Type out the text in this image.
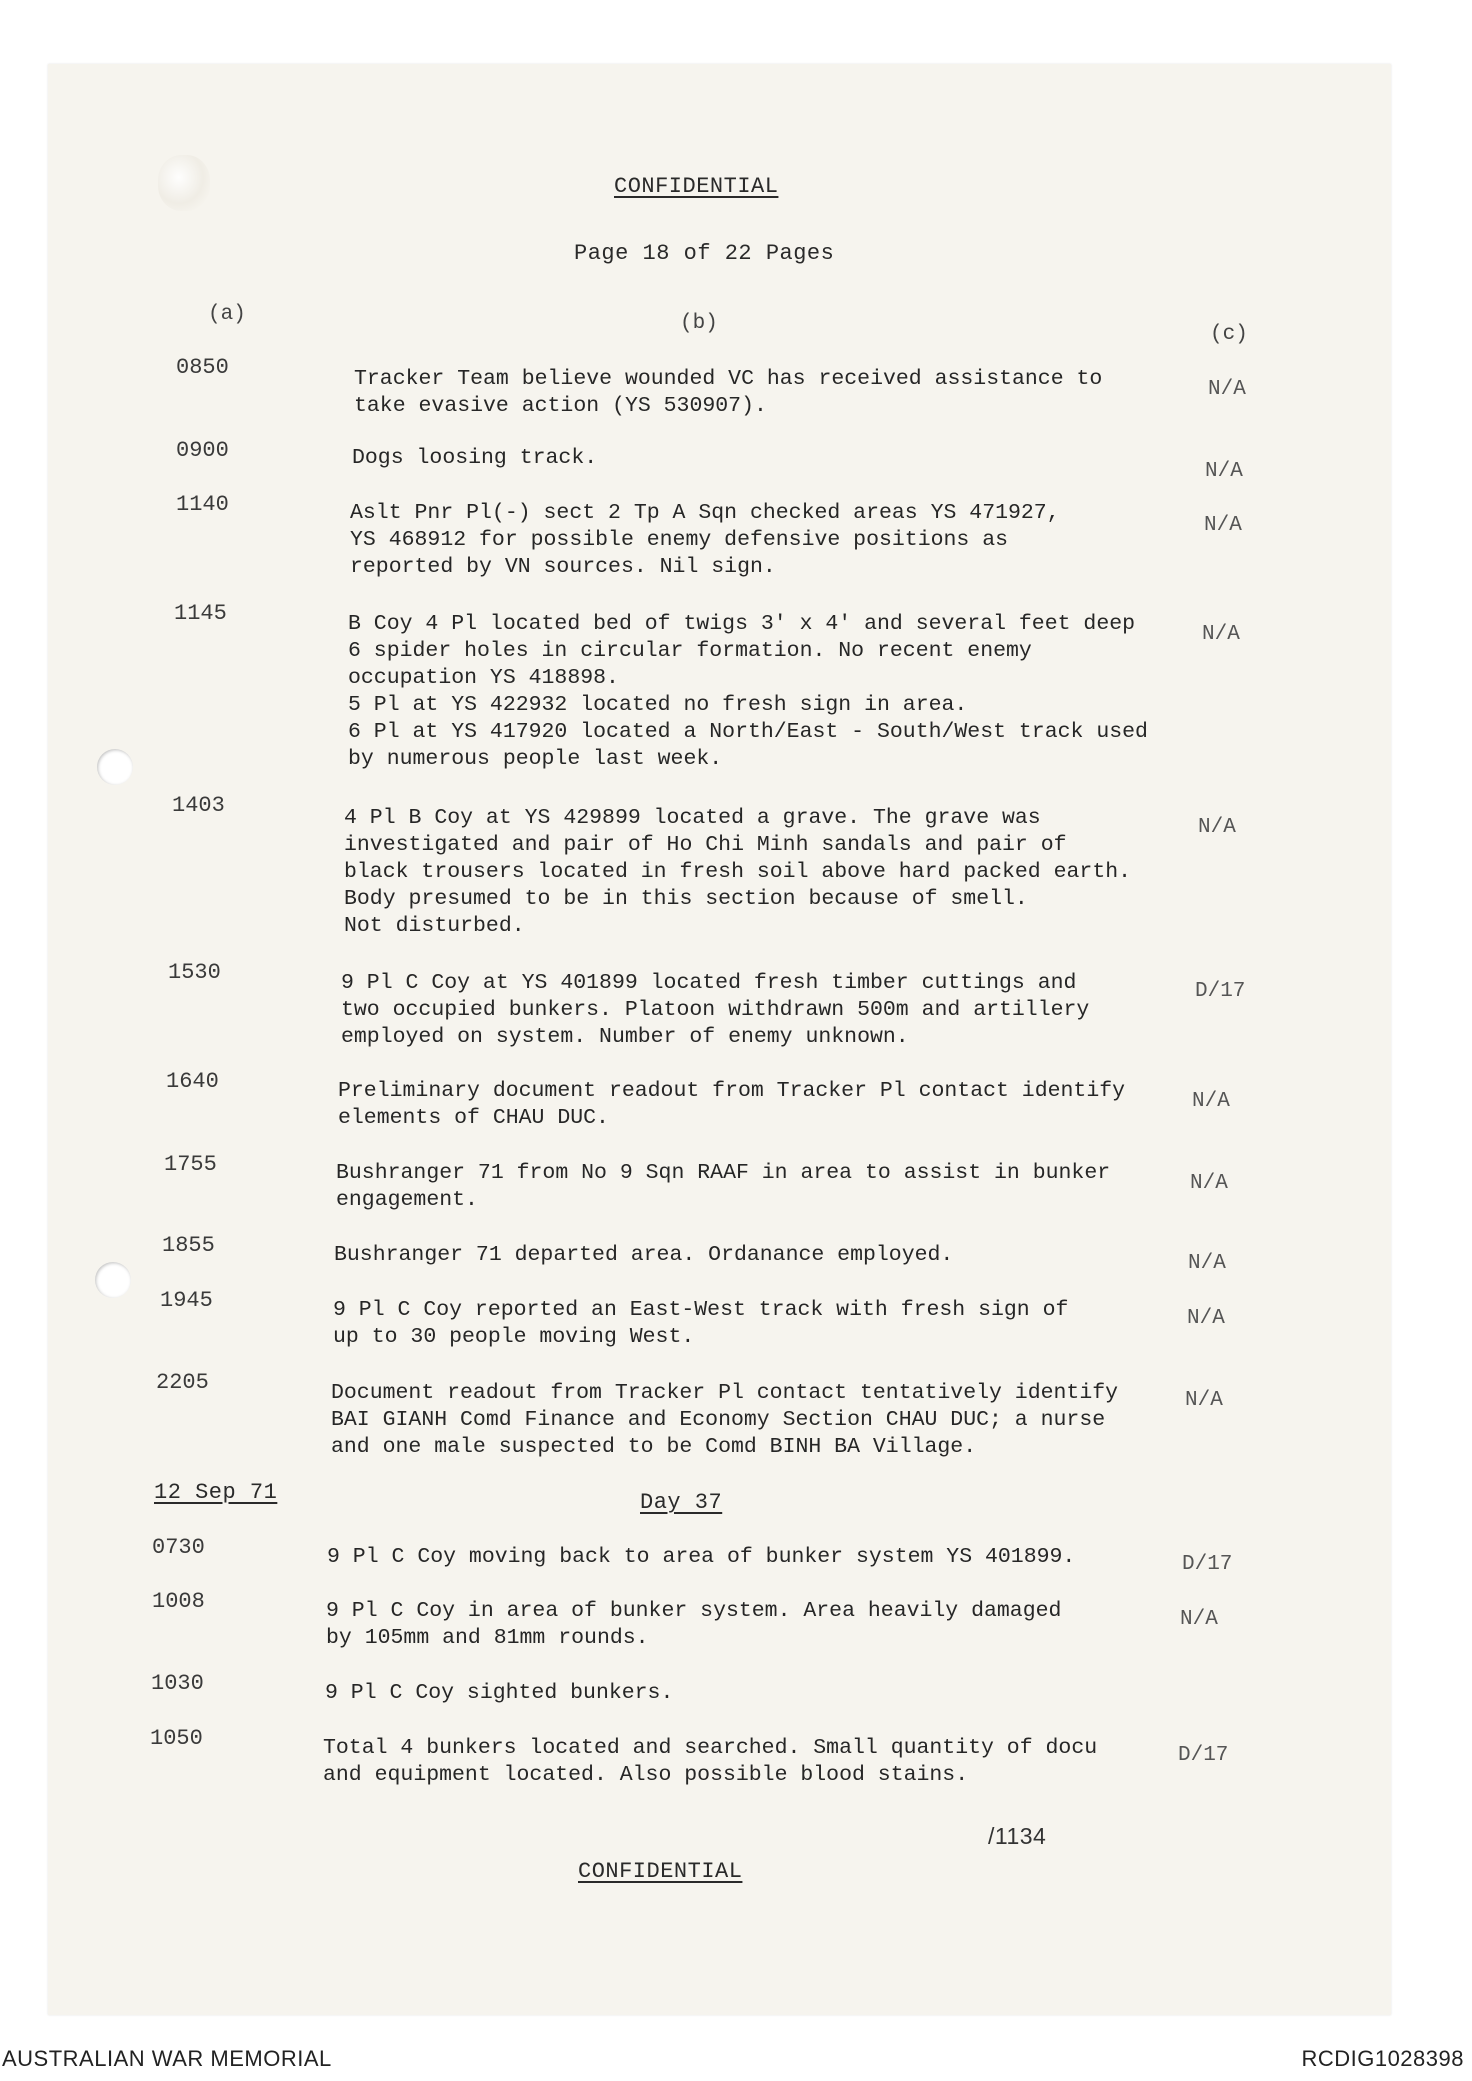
CONFIDENTIAL
Page 18 of 22 Pages
(a)	(b)	(c)
0850	Tracker Team believe wounded VC has received assistance to
take evasive action (YS 530907).
N/A
0900	Dogs loosing track.
N/A
1140	Aslt Pnr Pl(-) sect 2 Tp A Sqn checked areas YS 471927,
YS 468912 for possible enemy defensive positions as
reported by VN sources. Nil sign.
N/A
1145	B Coy 4 Pl located bed of twigs 3' x 4' and several feet deep
6 spider holes in circular formation. No recent enemy
occupation YS 418898.
5 Pl at YS 422932 located no fresh sign in area.
6 Pl at YS 417920 located a North/East - South/West track used
by numerous people last week.
N/A
1403	4 Pl B Coy at YS 429899 located a grave. The grave was
investigated and pair of Ho Chi Minh sandals and pair of
black trousers located in fresh soil above hard packed earth.
Body presumed to be in this section because of smell.
Not disturbed.
N/A
1530	9 Pl C Coy at YS 401899 located fresh timber cuttings and
two occupied bunkers. Platoon withdrawn 500m and artillery
employed on system. Number of enemy unknown.
D/17
1640	Preliminary document readout from Tracker Pl contact identify
elements of CHAU DUC.
N/A
1755	Bushranger 71 from No 9 Sqn RAAF in area to assist in bunker
engagement.
N/A
1855	Bushranger 71 departed area. Ordanance employed.	N/A
1945	9 Pl C Coy reported an East-West track with fresh sign of
up to 30 people moving West.
N/A
2205	Document readout from Tracker Pl contact tentatively identify
BAI GIANH Comd Finance and Economy Section CHAU DUC; a nurse
and one male suspected to be Comd BINH BA Village.
N/A
12 Sep 71	Day 37
0730	9 Pl C Coy moving back to area of bunker system YS 401899.	D/17
1008	9 Pl C Coy in area of bunker system. Area heavily damaged
by 105mm and 81mm rounds.
N/A
1030	9 Pl C Coy sighted bunkers.
1050	Total 4 bunkers located and searched. Small quantity of docu
and equipment located. Also possible blood stains.
D/17
/1134
CONFIDENTIAL
AUSTRALIAN WAR MEMORIAL	RCDIG1028398
